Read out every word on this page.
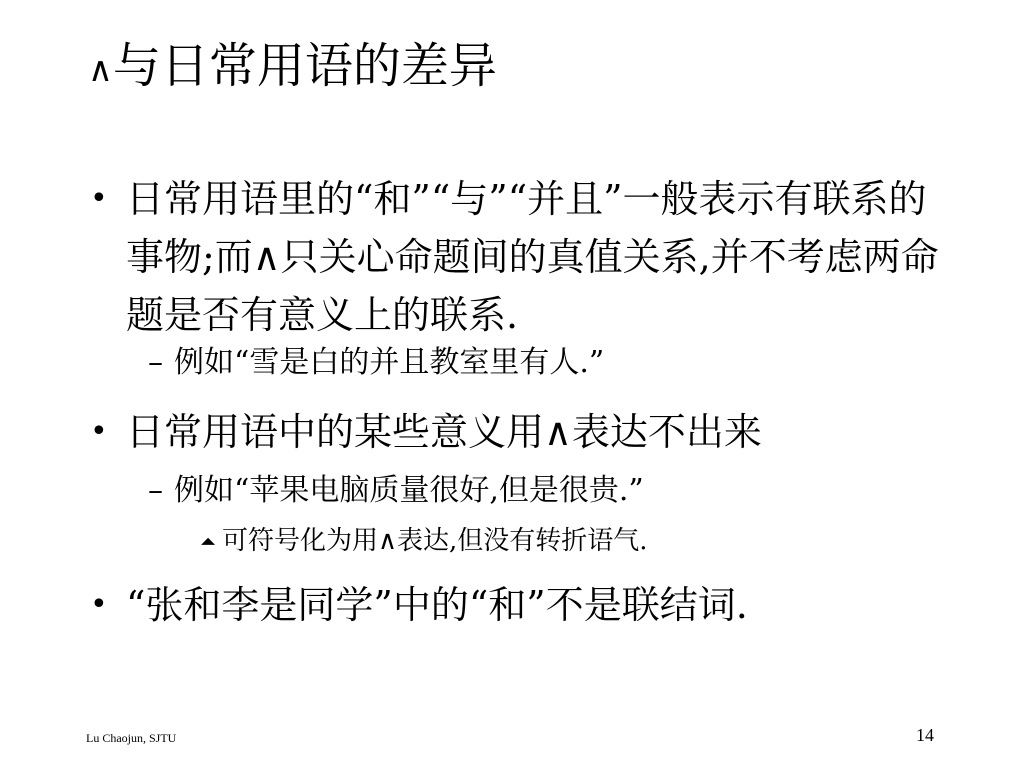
∧与日常用语的差异
• 日常用语里的“和”“与”“并且”一般表示有联系的事物;而∧只关心命题间的真值关系,并不考虑两命题是否有意义上的联系.
– 例如“雪是白的并且教室里有人.”
• 日常用语中的某些意义用∧表达不出来
– 例如“苹果电脑质量很好,但是很贵.”
⏶ 可符号化为用∧表达,但没有转折语气.
• “张和李是同学”中的“和”不是联结词.
Lu Chaojun, SJTU	14
